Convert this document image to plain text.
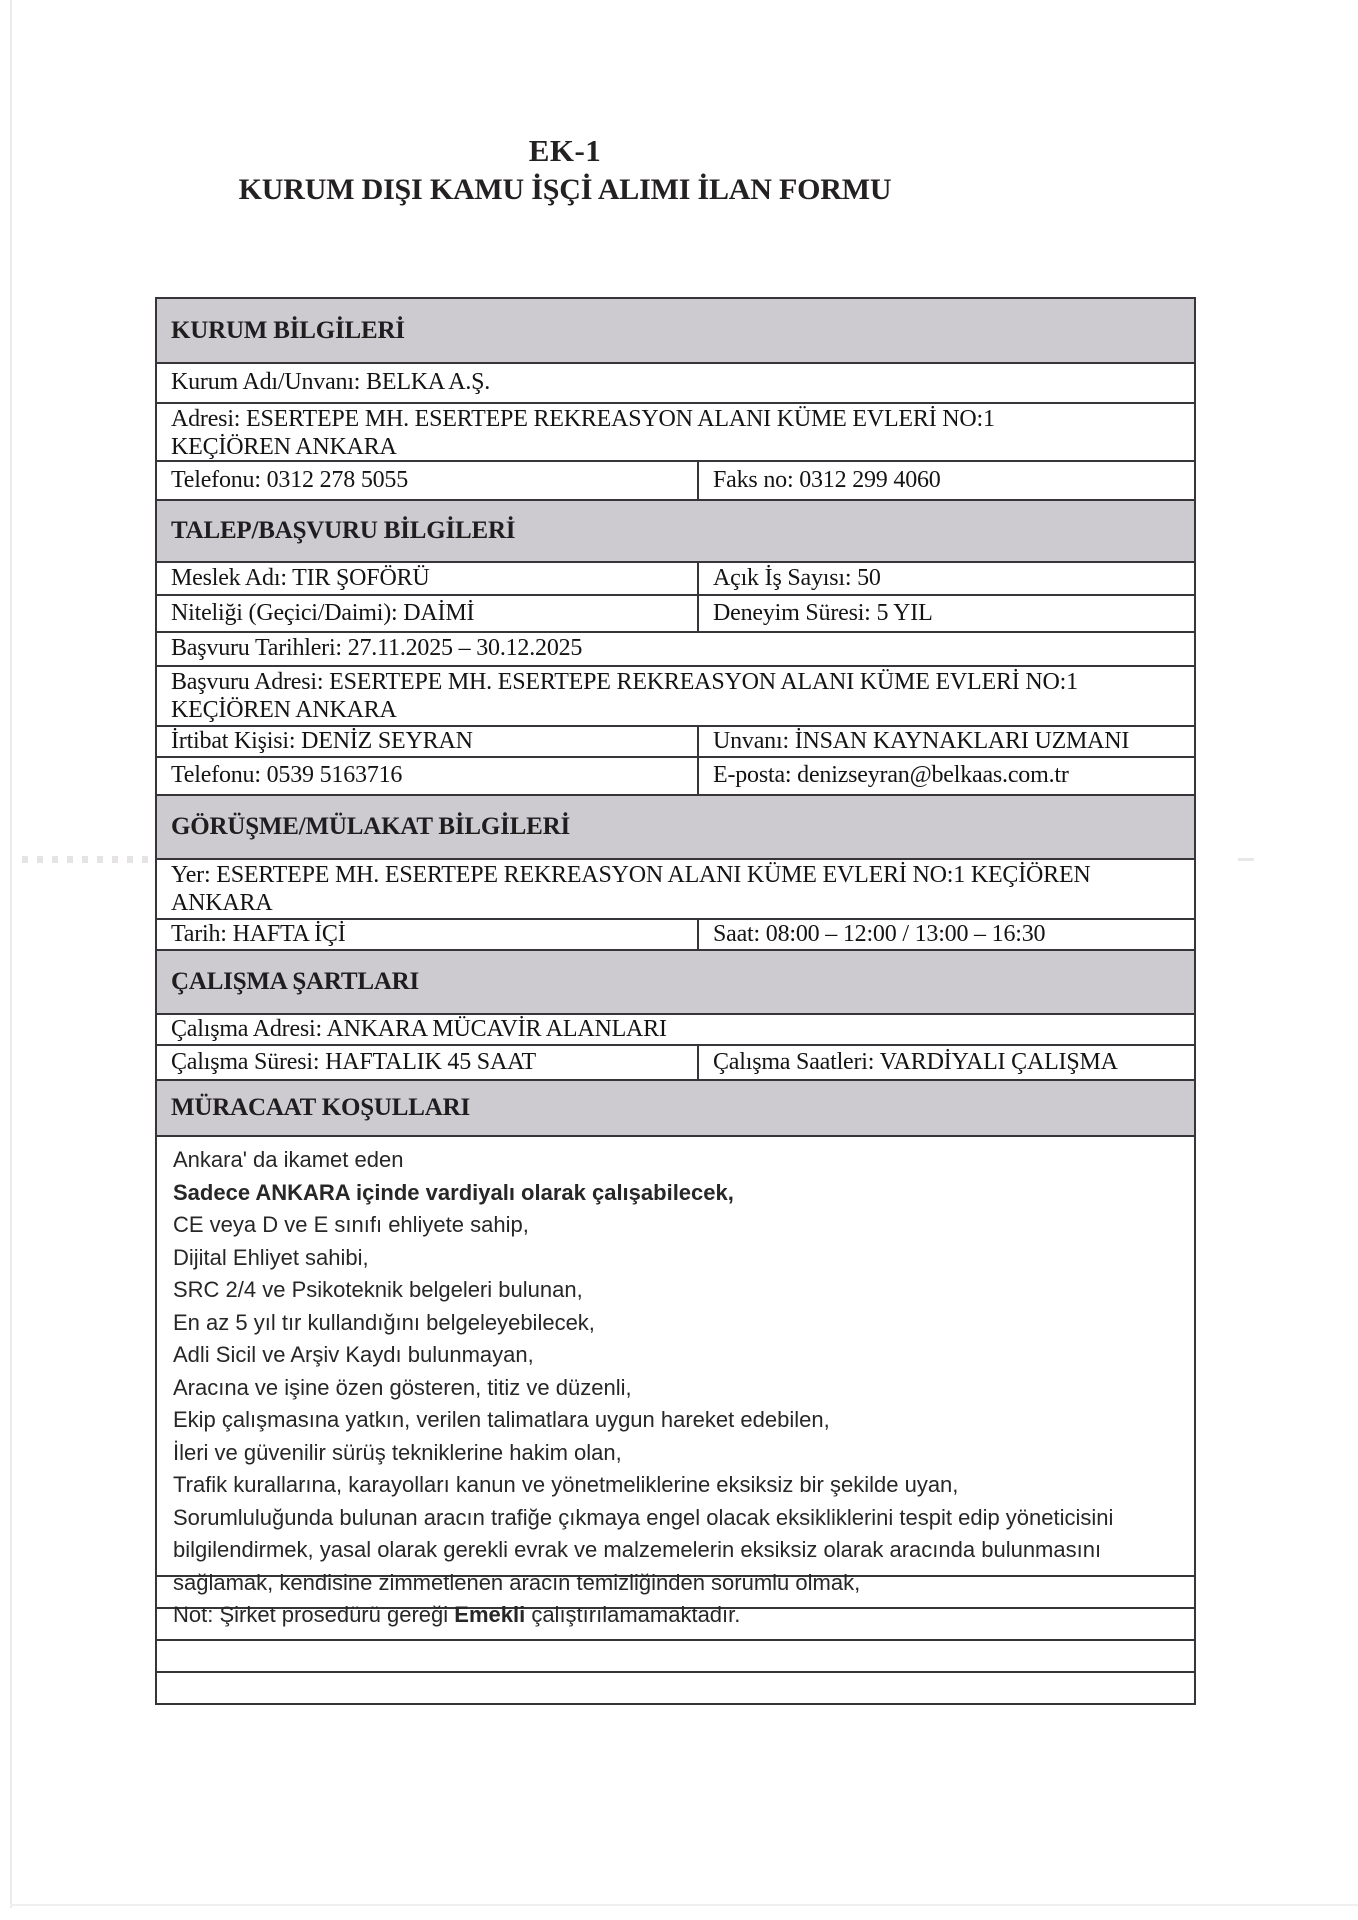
EK-1
KURUM DIŞI KAMU İŞÇİ ALIMI İLAN FORMU
KURUM BİLGİLERİ
Kurum Adı/Unvanı: BELKA A.Ş.
Adresi: ESERTEPE MH. ESERTEPE REKREASYON ALANI KÜME EVLERİ NO:1 KEÇİÖREN ANKARA
Telefonu: 0312 278 5055	Faks no: 0312 299 4060
TALEP/BAŞVURU BİLGİLERİ
Meslek Adı: TIR ŞOFÖRÜ	Açık İş Sayısı: 50
Niteliği (Geçici/Daimi): DAİMİ	Deneyim Süresi: 5 YIL
Başvuru Tarihleri: 27.11.2025 – 30.12.2025
Başvuru Adresi: ESERTEPE MH. ESERTEPE REKREASYON ALANI KÜME EVLERİ NO:1 KEÇİÖREN ANKARA
İrtibat Kişisi: DENİZ SEYRAN	Unvanı: İNSAN KAYNAKLARI UZMANI
Telefonu: 0539 5163716	E-posta: denizseyran@belkaas.com.tr
GÖRÜŞME/MÜLAKAT BİLGİLERİ
Yer: ESERTEPE MH. ESERTEPE REKREASYON ALANI KÜME EVLERİ NO:1 KEÇİÖREN ANKARA
Tarih: HAFTA İÇİ	Saat: 08:00 – 12:00 / 13:00 – 16:30
ÇALIŞMA ŞARTLARI
Çalışma Adresi: ANKARA MÜCAVİR ALANLARI
Çalışma Süresi: HAFTALIK 45 SAAT	Çalışma Saatleri: VARDİYALI ÇALIŞMA
MÜRACAAT KOŞULLARI
Ankara' da ikamet eden
Sadece ANKARA içinde vardiyalı olarak çalışabilecek,
CE veya D ve E sınıfı ehliyete sahip,
Dijital Ehliyet sahibi,
SRC 2/4 ve Psikoteknik belgeleri bulunan,
En az 5 yıl tır kullandığını belgeleyebilecek,
Adli Sicil ve Arşiv Kaydı bulunmayan,
Aracına ve işine özen gösteren, titiz ve düzenli,
Ekip çalışmasına yatkın, verilen talimatlara uygun hareket edebilen,
İleri ve güvenilir sürüş tekniklerine hakim olan,
Trafik kurallarına, karayolları kanun ve yönetmeliklerine eksiksiz bir şekilde uyan,
Sorumluluğunda bulunan aracın trafiğe çıkmaya engel olacak eksikliklerini tespit edip yöneticisini bilgilendirmek, yasal olarak gerekli evrak ve malzemelerin eksiksiz olarak aracında bulunmasını sağlamak, kendisine zimmetlenen aracın temizliğinden sorumlu olmak,
Not: Şirket prosedürü gereği Emekli çalıştırılamamaktadır.
